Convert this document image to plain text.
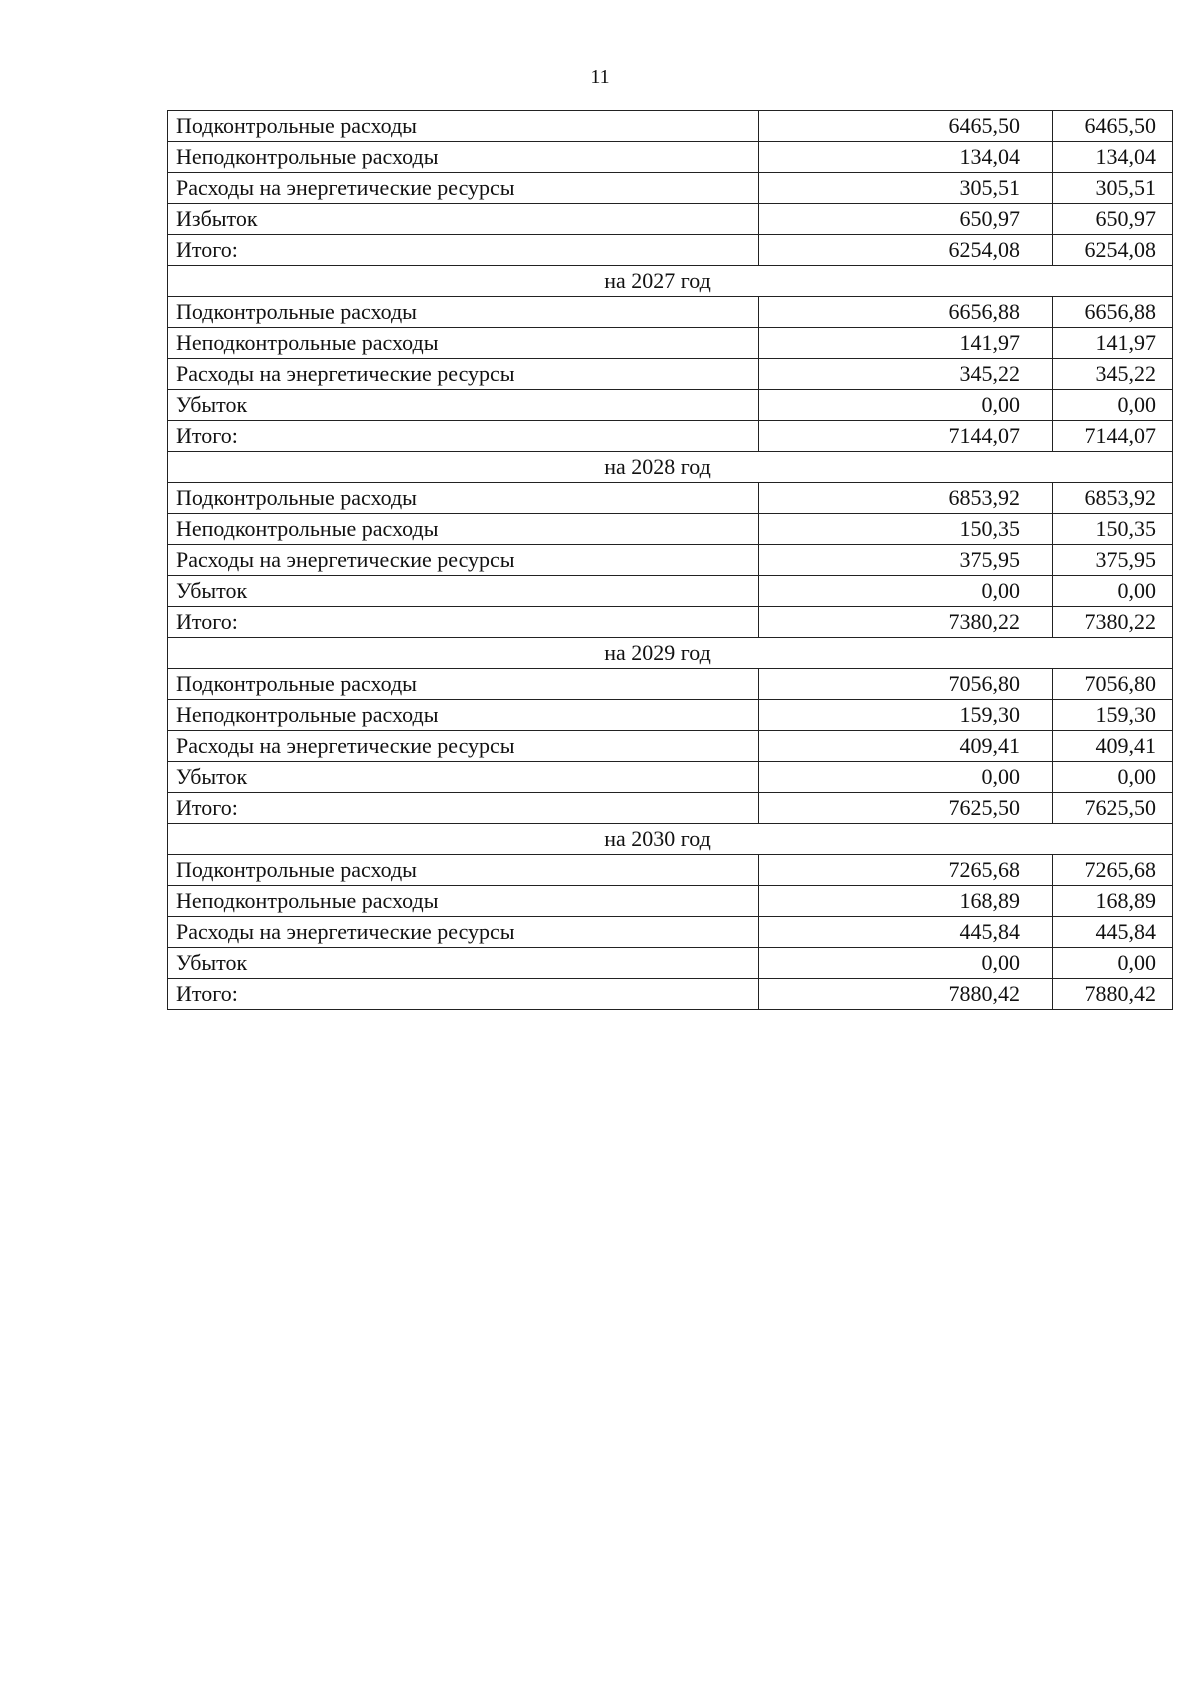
11
Подконтрольные расходы	6465,50	6465,50
Неподконтрольные расходы	134,04	134,04
Расходы на энергетические ресурсы	305,51	305,51
Избыток	650,97	650,97
Итого:	6254,08	6254,08
на 2027 год		
Подконтрольные расходы	6656,88	6656,88
Неподконтрольные расходы	141,97	141,97
Расходы на энергетические ресурсы	345,22	345,22
Убыток	0,00	0,00
Итого:	7144,07	7144,07
на 2028 год		
Подконтрольные расходы	6853,92	6853,92
Неподконтрольные расходы	150,35	150,35
Расходы на энергетические ресурсы	375,95	375,95
Убыток	0,00	0,00
Итого:	7380,22	7380,22
на 2029 год		
Подконтрольные расходы	7056,80	7056,80
Неподконтрольные расходы	159,30	159,30
Расходы на энергетические ресурсы	409,41	409,41
Убыток	0,00	0,00
Итого:	7625,50	7625,50
на 2030 год		
Подконтрольные расходы	7265,68	7265,68
Неподконтрольные расходы	168,89	168,89
Расходы на энергетические ресурсы	445,84	445,84
Убыток	0,00	0,00
Итого:	7880,42	7880,42
